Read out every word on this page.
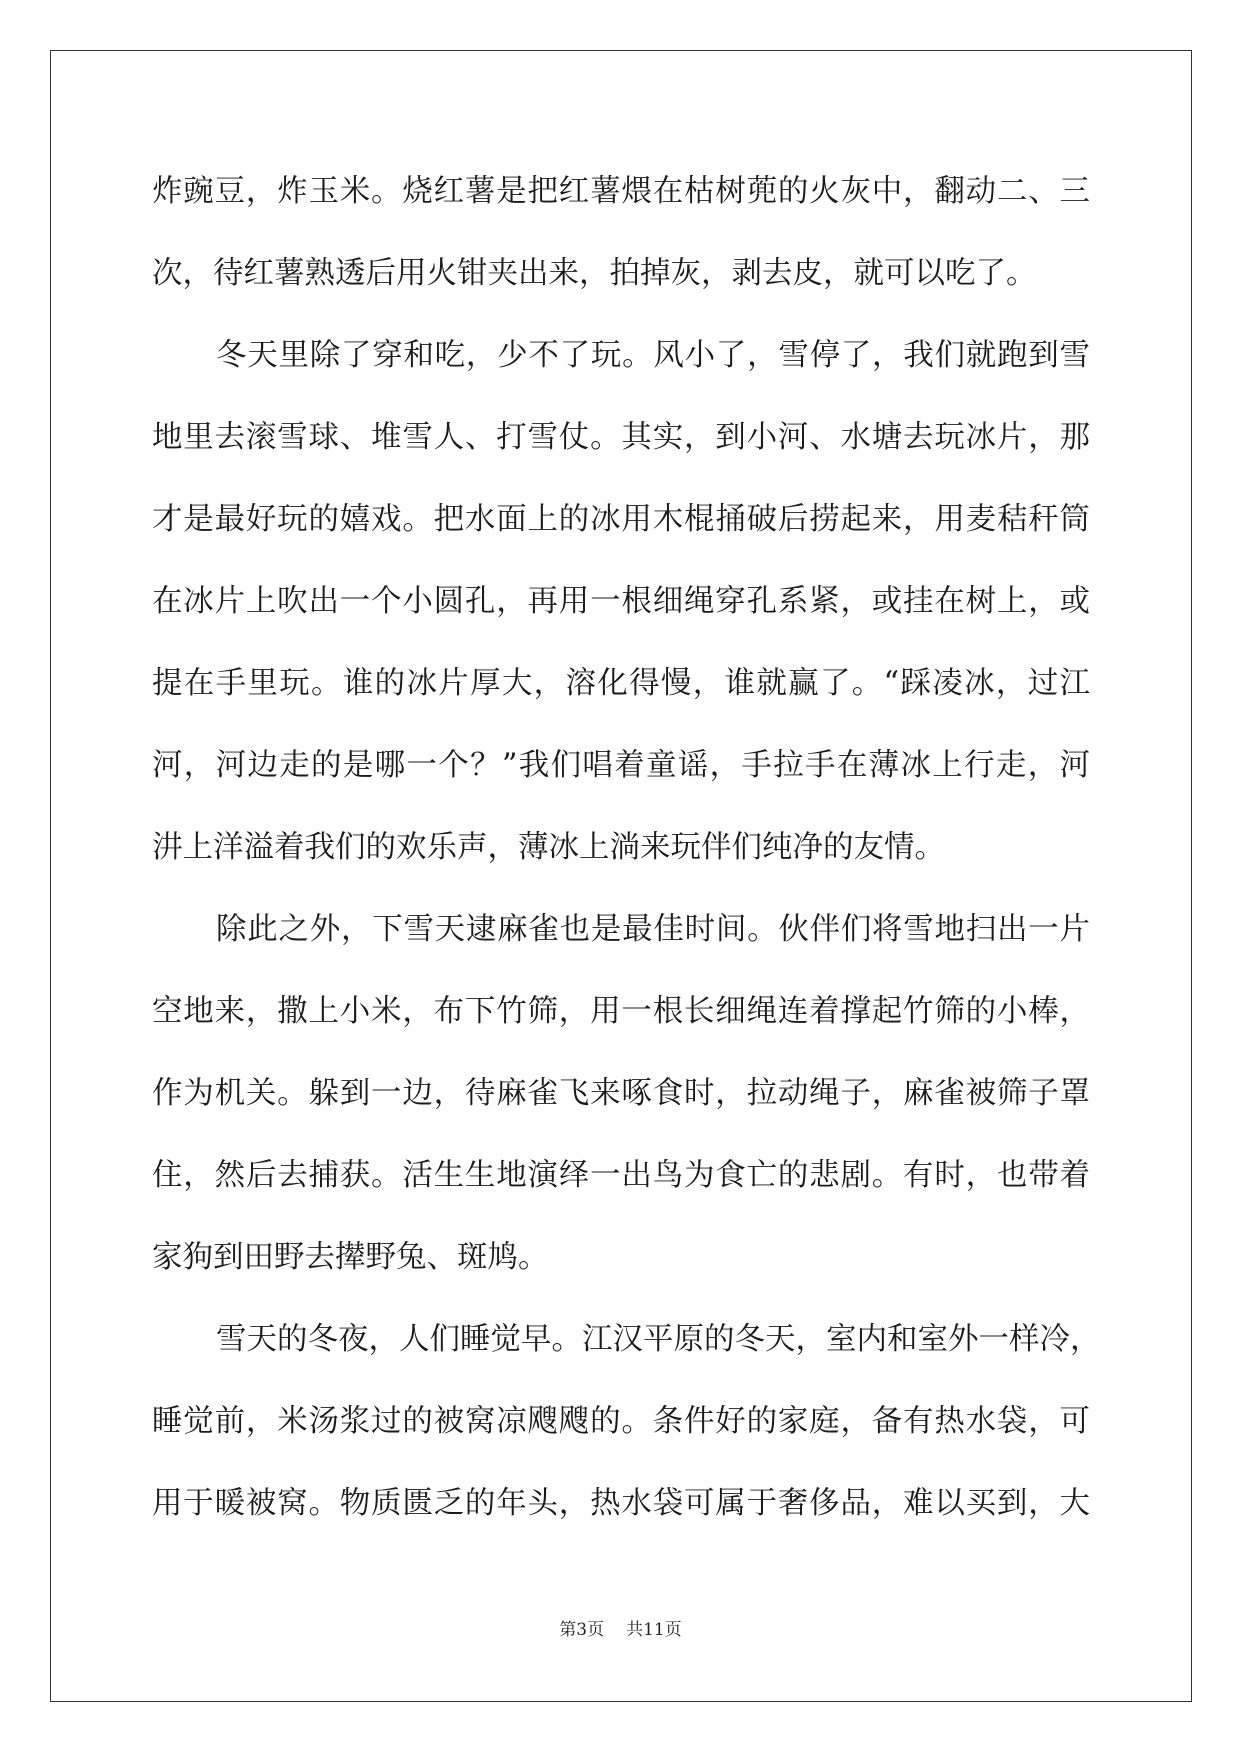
炸豌豆，炸玉米。烧红薯是把红薯煨在枯树蔸的火灰中，翻动二、三
次，待红薯熟透后用火钳夹出来，拍掉灰，剥去皮，就可以吃了。
冬天里除了穿和吃，少不了玩。风小了，雪停了，我们就跑到雪
地里去滚雪球、堆雪人、打雪仗。其实，到小河、水塘去玩冰片，那
才是最好玩的嬉戏。把水面上的冰用木棍捅破后捞起来，用麦秸秆筒
在冰片上吹出一个小圆孔，再用一根细绳穿孔系紧，或挂在树上，或
提在手里玩。谁的冰片厚大，溶化得慢，谁就赢了。“踩凌冰，过江
河，河边走的是哪一个？”我们唱着童谣，手拉手在薄冰上行走，河
汫上洋溢着我们的欢乐声，薄冰上淌来玩伴们纯净的友情。
除此之外，下雪天逮麻雀也是最佳时间。伙伴们将雪地扫出一片
空地来，撒上小米，布下竹筛，用一根长细绳连着撑起竹筛的小棒，
作为机关。躲到一边，待麻雀飞来啄食时，拉动绳子，麻雀被筛子罩
住，然后去捕获。活生生地演绎一出鸟为食亡的悲剧。有时，也带着
家狗到田野去撵野兔、斑鸠。
雪天的冬夜，人们睡觉早。江汉平原的冬天，室内和室外一样冷，
睡觉前，米汤浆过的被窝凉飕飕的。条件好的家庭，备有热水袋，可
用于暖被窝。物质匮乏的年头，热水袋可属于奢侈品，难以买到，大
第3页 共11页
